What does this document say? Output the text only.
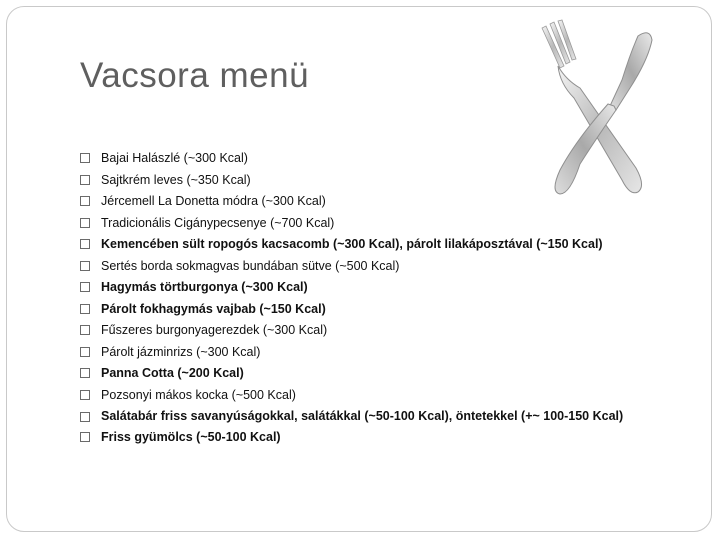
Vacsora menü
Bajai Halászlé (~300 Kcal)
Sajtkrém leves (~350 Kcal)
Jércemell La Donetta módra (~300 Kcal)
Tradicionális Cigánypecsenye (~700 Kcal)
Kemencében sült ropogós kacsacomb (~300 Kcal), párolt lilakáposztával (~150 Kcal)
Sertés borda sokmagvas bundában sütve (~500 Kcal)
Hagymás törtburgonya (~300 Kcal)
Párolt fokhagymás vajbab (~150 Kcal)
Fűszeres burgonyagerezdek (~300 Kcal)
Párolt jázminrizs (~300 Kcal)
Panna Cotta (~200 Kcal)
Pozsonyi mákos kocka (~500 Kcal)
Salátabár friss savanyúságokkal, salátákkal (~50-100 Kcal), öntetekkel (+~ 100-150 Kcal)
Friss gyümölcs (~50-100 Kcal)
